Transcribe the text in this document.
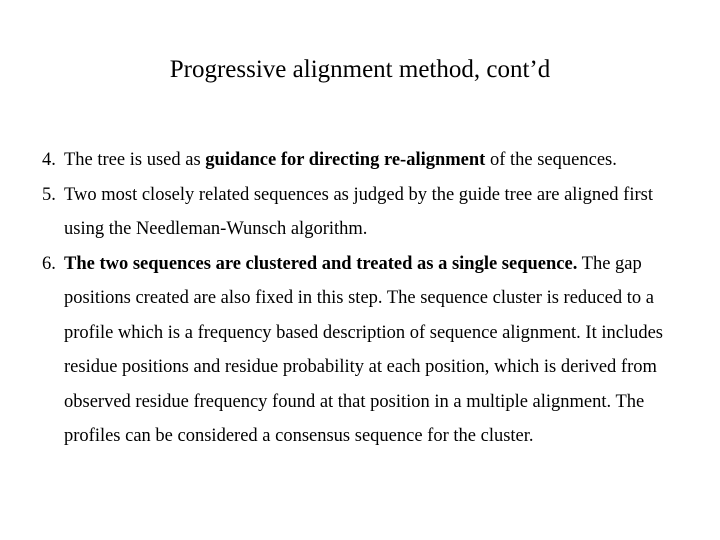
Progressive alignment method, cont’d
4. The tree is used as guidance for directing re-alignment of the sequences.
5. Two most closely related sequences as judged by the guide tree are aligned first using the Needleman-Wunsch algorithm.
6. The two sequences are clustered and treated as a single sequence. The gap positions created are also fixed in this step. The sequence cluster is reduced to a profile which is a frequency based description of sequence alignment. It includes residue positions and residue probability at each position, which is derived from observed residue frequency found at that position in a multiple alignment. The profiles can be considered a consensus sequence for the cluster.
